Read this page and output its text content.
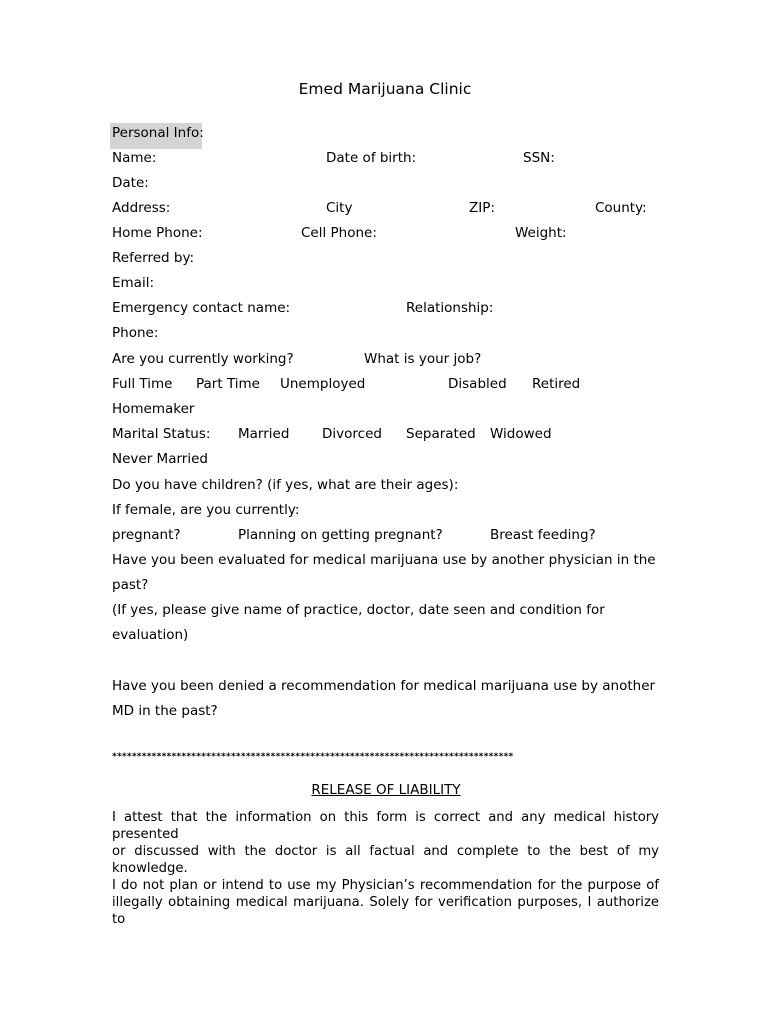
Emed Marijuana Clinic
Personal Info:
Name:	Date of birth:	SSN:
Date:
Address:	City	ZIP:	County:
Home Phone:	Cell Phone:	Weight:
Referred by:
Email:
Emergency contact name:	Relationship:
Phone:
Are you currently working?	What is your job?
Full Time Part Time Unemployed	Disabled Retired
Homemaker
Marital Status: Married Divorced Separated Widowed
Never Married
Do you have children? (if yes, what are their ages):
If female, are you currently:
pregnant?	Planning on getting pregnant?	Breast feeding?
Have you been evaluated for medical marijuana use by another physician in the
past?
(If yes, please give name of practice, doctor, date seen and condition for
evaluation)
Have you been denied a recommendation for medical marijuana use by another
MD in the past?
*********************************************************************************
RELEASE OF LIABILITY
I attest that the information on this form is correct and any medical history presented
or discussed with the doctor is all factual and complete to the best of my knowledge.
I do not plan or intend to use my Physician’s recommendation for the purpose of
illegally obtaining medical marijuana. Solely for verification purposes, I authorize to
